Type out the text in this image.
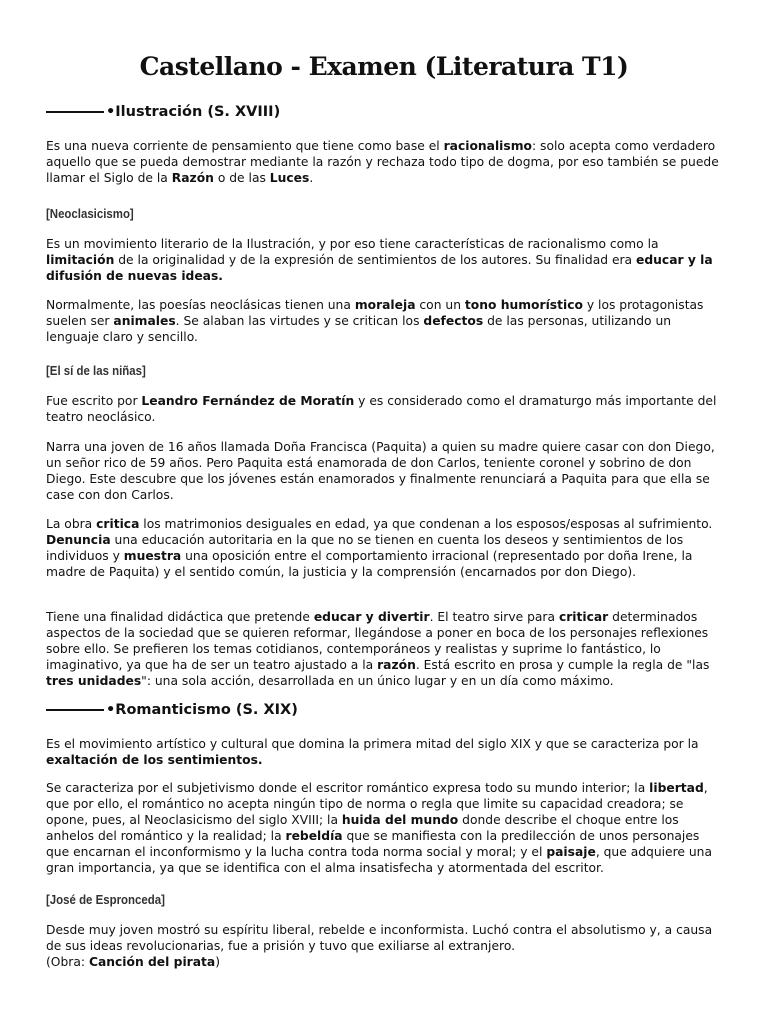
Castellano - Examen (Literatura T1)
• Ilustración (S. XVIII)

Es una nueva corriente de pensamiento que tiene como base el racionalismo: solo acepta como verdadero aquello que se pueda demostrar mediante la razón y rechaza todo tipo de dogma, por eso también se puede llamar el Siglo de la Razón o de las Luces.

[Neoclasicismo]

Es un movimiento literario de la Ilustración, y por eso tiene características de racionalismo como la limitación de la originalidad y de la expresión de sentimientos de los autores. Su finalidad era educar y la difusión de nuevas ideas.

Normalmente, las poesías neoclásicas tienen una moraleja con un tono humorístico y los protagonistas suelen ser animales. Se alaban las virtudes y se critican los defectos de las personas, utilizando un lenguaje claro y sencillo.

[El sí de las niñas]

Fue escrito por Leandro Fernández de Moratín y es considerado como el dramaturgo más importante del teatro neoclásico.

Narra una joven de 16 años llamada Doña Francisca (Paquita) a quien su madre quiere casar con don Diego, un señor rico de 59 años. Pero Paquita está enamorada de don Carlos, teniente coronel y sobrino de don Diego. Este descubre que los jóvenes están enamorados y finalmente renunciará a Paquita para que ella se case con don Carlos.

La obra critica los matrimonios desiguales en edad, ya que condenan a los esposos/esposas al sufrimiento. Denuncia una educación autoritaria en la que no se tienen en cuenta los deseos y sentimientos de los individuos y muestra una oposición entre el comportamiento irracional (representado por doña Irene, la madre de Paquita) y el sentido común, la justicia y la comprensión (encarnados por don Diego).

Tiene una finalidad didáctica que pretende educar y divertir. El teatro sirve para criticar determinados aspectos de la sociedad que se quieren reformar, llegándose a poner en boca de los personajes reflexiones sobre ello. Se prefieren los temas cotidianos, contemporáneos y realistas y suprime lo fantástico, lo imaginativo, ya que ha de ser un teatro ajustado a la razón. Está escrito en prosa y cumple la regla de "las tres unidades": una sola acción, desarrollada en un único lugar y en un día como máximo.

• Romanticismo (S. XIX)

Es el movimiento artístico y cultural que domina la primera mitad del siglo XIX y que se caracteriza por la exaltación de los sentimientos.

Se caracteriza por el subjetivismo donde el escritor romántico expresa todo su mundo interior; la libertad, que por ello, el romántico no acepta ningún tipo de norma o regla que limite su capacidad creadora; se opone, pues, al Neoclasicismo del siglo XVIII; la huida del mundo donde describe el choque entre los anhelos del romántico y la realidad; la rebeldía que se manifiesta con la predilección de unos personajes que encarnan el inconformismo y la lucha contra toda norma social y moral; y el paisaje, que adquiere una gran importancia, ya que se identifica con el alma insatisfecha y atormentada del escritor.

[José de Espronceda]

Desde muy joven mostró su espíritu liberal, rebelde e inconformista. Luchó contra el absolutismo y, a causa de sus ideas revolucionarias, fue a prisión y tuvo que exiliarse al extranjero.

(Obra: Canción del pirata)
